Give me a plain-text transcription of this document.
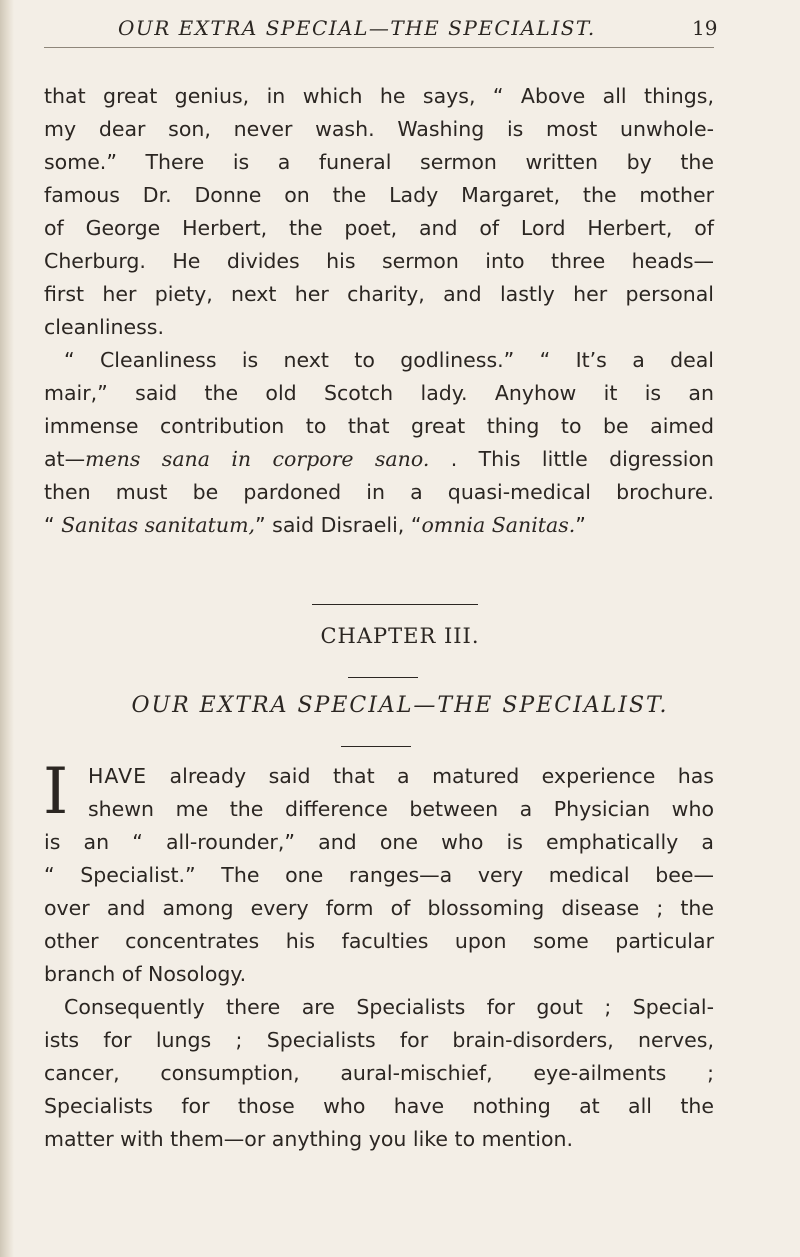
OUR EXTRA SPECIAL—THE SPECIALIST.	19

that great genius, in which he says, “ Above all things,

my dear son, never wash. Washing is most unwhole-

some.” There is a funeral sermon written by the

famous Dr. Donne on the Lady Margaret, the mother

of George Herbert, the poet, and of Lord Herbert, of

Cherburg. He divides his sermon into three heads—

first her piety, next her charity, and lastly her personal

cleanliness.

“ Cleanliness is next to godliness.” “ It’s a deal

mair,” said the old Scotch lady. Anyhow it is an

immense contribution to that great thing to be aimed

at—mens sana in corpore sano. . This little digression

then must be pardoned in a quasi-medical brochure.

“ Sanitas sanitatum,” said Disraeli, “omnia Sanitas.”

CHAPTER III.
OUR EXTRA SPECIAL—THE SPECIALIST.
I HAVE already said that a matured experience has

shewn me the difference between a Physician who

is an “ all-rounder,” and one who is emphatically a

“ Specialist.” The one ranges—a very medical bee—

over and among every form of blossoming disease ; the

other concentrates his faculties upon some particular

branch of Nosology.

Consequently there are Specialists for gout ; Special-

ists for lungs ; Specialists for brain-disorders, nerves,

cancer, consumption, aural-mischief, eye-ailments ;

Specialists for those who have nothing at all the

matter with them—or anything you like to mention.
